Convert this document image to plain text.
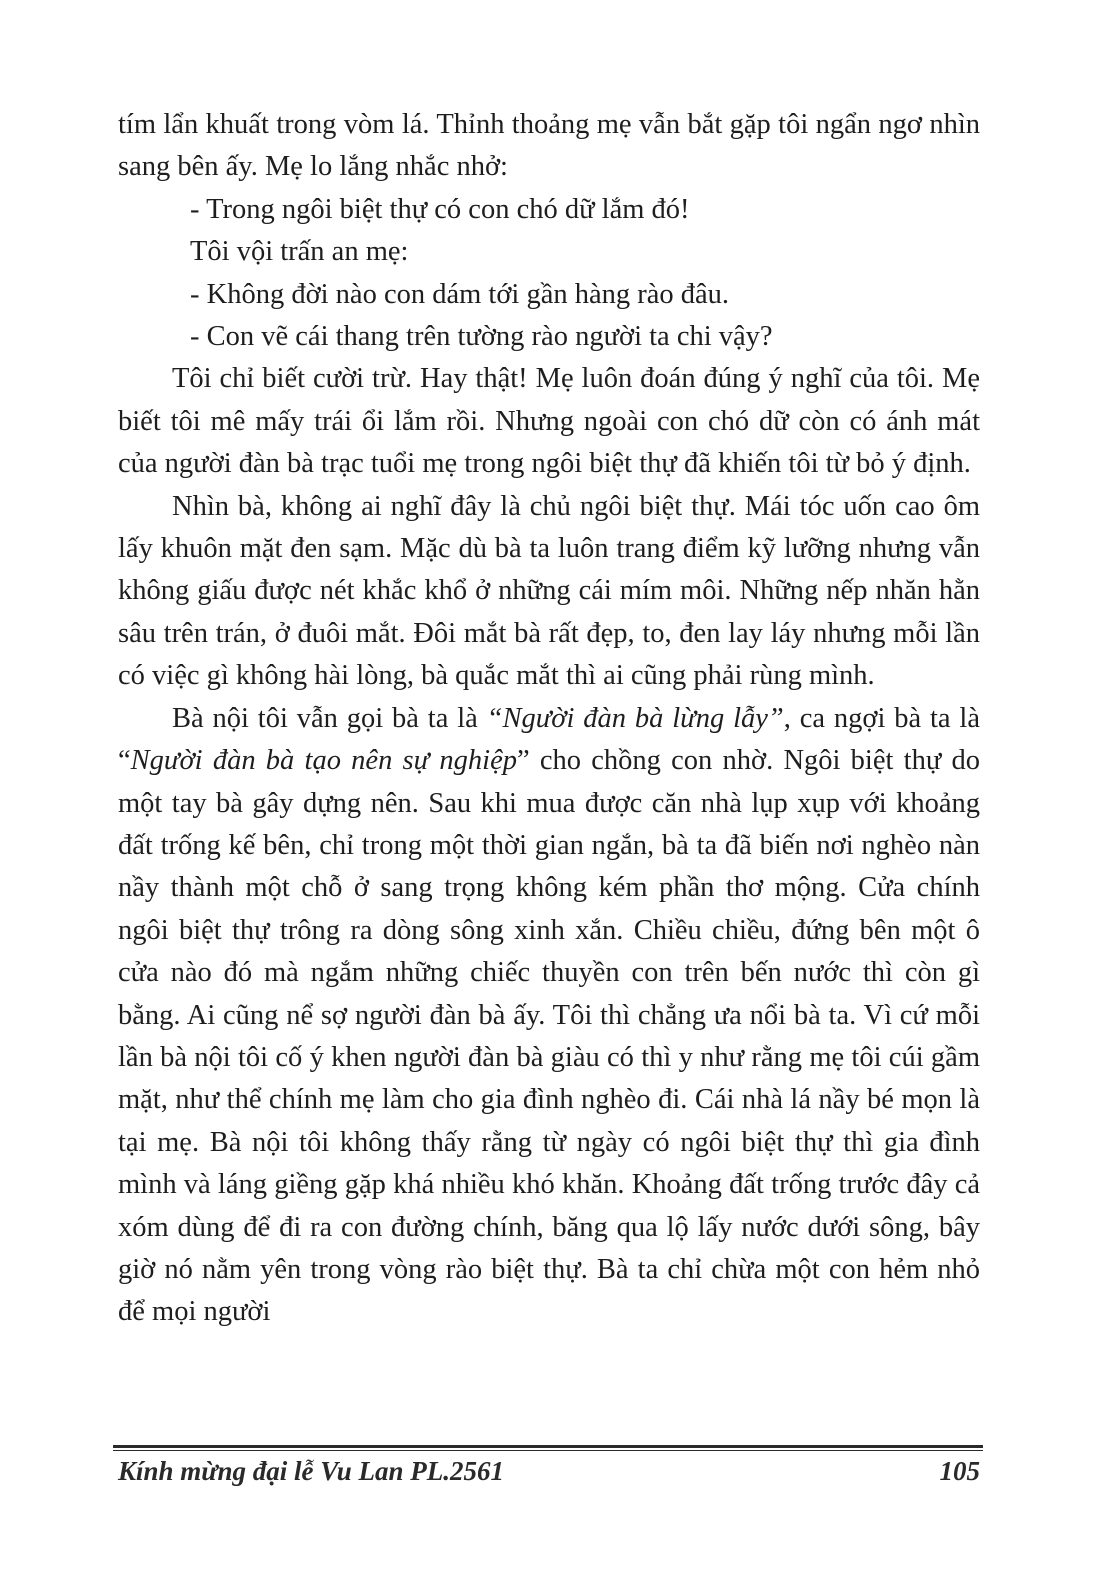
tím lẩn khuất trong vòm lá. Thỉnh thoảng mẹ vẫn bắt gặp tôi ngẩn ngơ nhìn sang bên ấy. Mẹ lo lắng nhắc nhở:

- Trong ngôi biệt thự có con chó dữ lắm đó!

Tôi vội trấn an mẹ:

- Không đời nào con dám tới gần hàng rào đâu.

- Con vẽ cái thang trên tường rào người ta chi vậy?

Tôi chỉ biết cười trừ. Hay thật! Mẹ luôn đoán đúng ý nghĩ của tôi. Mẹ biết tôi mê mấy trái ổi lắm rồi. Nhưng ngoài con chó dữ còn có ánh mát của người đàn bà trạc tuổi mẹ trong ngôi biệt thự đã khiến tôi từ bỏ ý định.

Nhìn bà, không ai nghĩ đây là chủ ngôi biệt thự. Mái tóc uốn cao ôm lấy khuôn mặt đen sạm. Mặc dù bà ta luôn trang điểm kỹ lưỡng nhưng vẫn không giấu được nét khắc khổ ở những cái mím môi. Những nếp nhăn hằn sâu trên trán, ở đuôi mắt. Đôi mắt bà rất đẹp, to, đen lay láy nhưng mỗi lần có việc gì không hài lòng, bà quắc mắt thì ai cũng phải rùng mình.

Bà nội tôi vẫn gọi bà ta là “Người đàn bà lừng lẫy”, ca ngợi bà ta là “Người đàn bà tạo nên sự nghiệp” cho chồng con nhờ. Ngôi biệt thự do một tay bà gây dựng nên. Sau khi mua được căn nhà lụp xụp với khoảng đất trống kế bên, chỉ trong một thời gian ngắn, bà ta đã biến nơi nghèo nàn nầy thành một chỗ ở sang trọng không kém phần thơ mộng. Cửa chính ngôi biệt thự trông ra dòng sông xinh xắn. Chiều chiều, đứng bên một ô cửa nào đó mà ngắm những chiếc thuyền con trên bến nước thì còn gì bằng. Ai cũng nể sợ người đàn bà ấy. Tôi thì chẳng ưa nổi bà ta. Vì cứ mỗi lần bà nội tôi cố ý khen người đàn bà giàu có thì y như rằng mẹ tôi cúi gầm mặt, như thể chính mẹ làm cho gia đình nghèo đi. Cái nhà lá nầy bé mọn là tại mẹ. Bà nội tôi không thấy rằng từ ngày có ngôi biệt thự thì gia đình mình và láng giềng gặp khá nhiều khó khăn. Khoảng đất trống trước đây cả xóm dùng để đi ra con đường chính, băng qua lộ lấy nước dưới sông, bây giờ nó nằm yên trong vòng rào biệt thự. Bà ta chỉ chừa một con hẻm nhỏ để mọi người

Kính mừng đại lễ Vu Lan PL.2561	105
